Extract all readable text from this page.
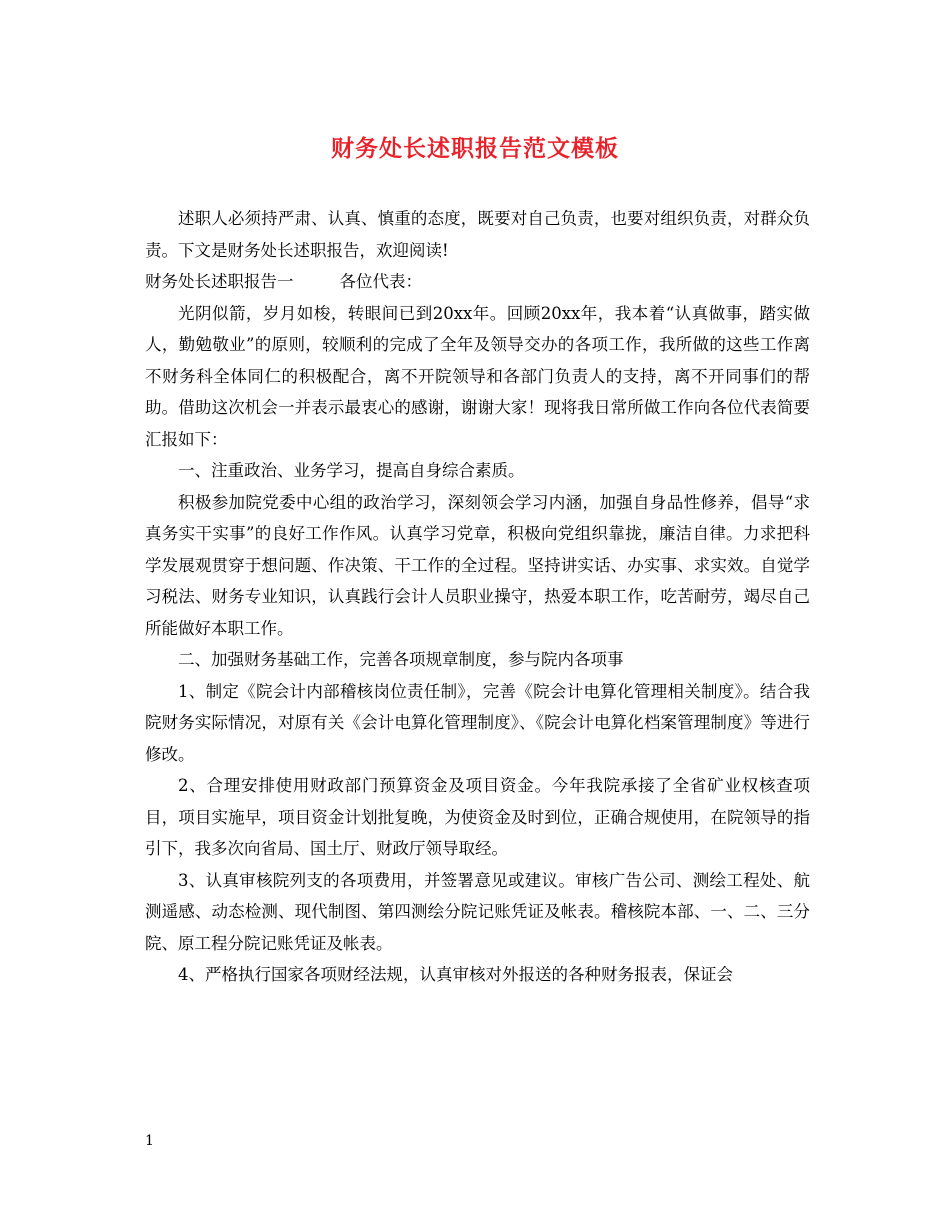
财务处长述职报告范文模板

述职人必须持严肃、认真、慎重的态度，既要对自己负责，也要对组织负责，对群众负责。下文是财务处长述职报告，欢迎阅读!

财务处长述职报告一	各位代表：

光阴似箭，岁月如梭，转眼间已到20xx年。回顾20xx年，我本着“认真做事，踏实做人，勤勉敬业”的原则，较顺利的完成了全年及领导交办的各项工作，我所做的这些工作离不财务科全体同仁的积极配合，离不开院领导和各部门负责人的支持，离不开同事们的帮助。借助这次机会一并表示最衷心的感谢，谢谢大家！现将我日常所做工作向各位代表简要汇报如下：

一、注重政治、业务学习，提高自身综合素质。

积极参加院党委中心组的政治学习，深刻领会学习内涵，加强自身品性修养，倡导“求真务实干实事”的良好工作作风。认真学习党章，积极向党组织靠拢，廉洁自律。力求把科学发展观贯穿于想问题、作决策、干工作的全过程。坚持讲实话、办实事、求实效。自觉学习税法、财务专业知识，认真践行会计人员职业操守，热爱本职工作，吃苦耐劳，竭尽自己所能做好本职工作。

二、加强财务基础工作，完善各项规章制度，参与院内各项事

1、制定《院会计内部稽核岗位责任制》，完善《院会计电算化管理相关制度》。结合我院财务实际情况，对原有关《会计电算化管理制度》、《院会计电算化档案管理制度》等进行修改。

2、合理安排使用财政部门预算资金及项目资金。今年我院承接了全省矿业权核查项目，项目实施早，项目资金计划批复晚，为使资金及时到位，正确合规使用，在院领导的指引下，我多次向省局、国土厅、财政厅领导取经。

3、认真审核院列支的各项费用，并签署意见或建议。审核广告公司、测绘工程处、航测遥感、动态检测、现代制图、第四测绘分院记账凭证及帐表。稽核院本部、一、二、三分院、原工程分院记账凭证及帐表。

4、严格执行国家各项财经法规，认真审核对外报送的各种财务报表，保证会

1
